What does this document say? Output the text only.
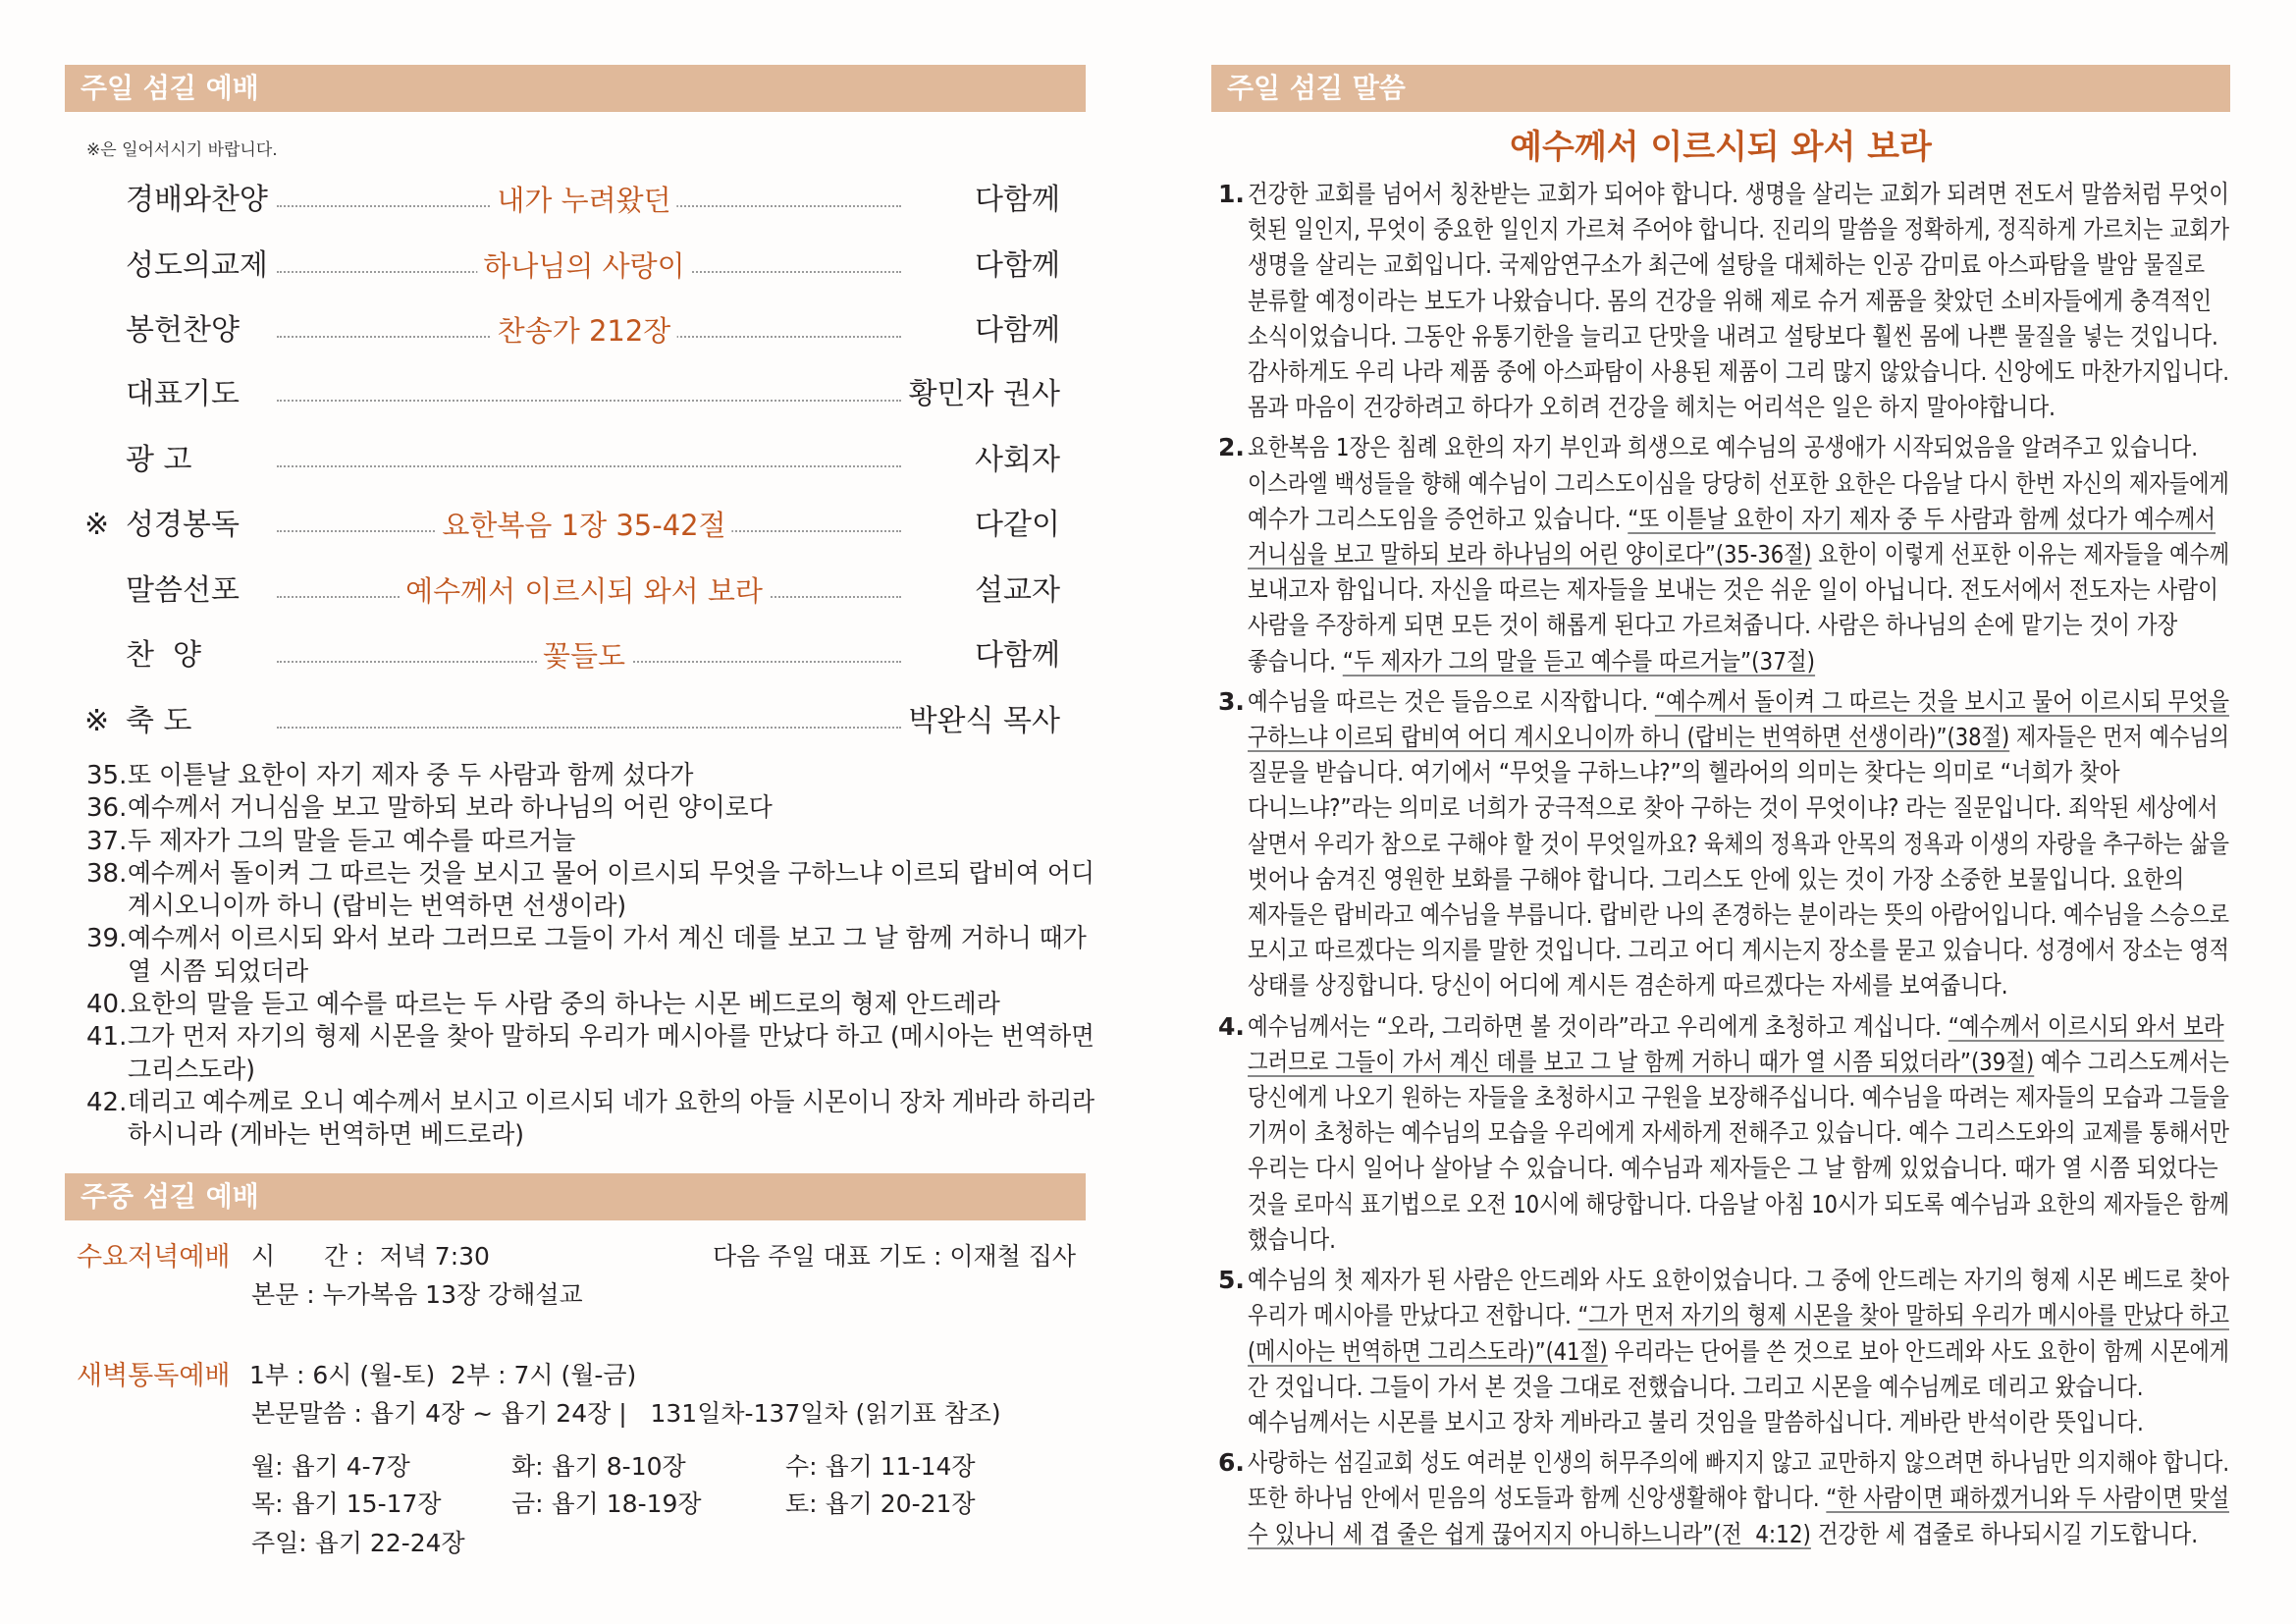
주일 섬길 예배
※은 일어서시기 바랍니다.
경배와찬양	내가 누려왔던	다함께
성도의교제	하나님의 사랑이	다함께
봉헌찬양	찬송가 212장	다함께
대표기도	황민자 권사
광 고	사회자
※ 성경봉독	요한복음 1장 35-42절	다같이
말씀선포	예수께서 이르시되 와서 보라	설교자
찬  양	꽃들도	다함께
※ 축 도	박완식 목사
35. 또 이튿날 요한이 자기 제자 중 두 사람과 함께 섰다가
36. 예수께서 거니심을 보고 말하되 보라 하나님의 어린 양이로다
37. 두 제자가 그의 말을 듣고 예수를 따르거늘
38. 예수께서 돌이켜 그 따르는 것을 보시고 물어 이르시되 무엇을 구하느냐 이르되 랍비여 어디
계시오니이까 하니 (랍비는 번역하면 선생이라)
39. 예수께서 이르시되 와서 보라 그러므로 그들이 가서 계신 데를 보고 그 날 함께 거하니 때가
열 시쯤 되었더라
40. 요한의 말을 듣고 예수를 따르는 두 사람 중의 하나는 시몬 베드로의 형제 안드레라
41. 그가 먼저 자기의 형제 시몬을 찾아 말하되 우리가 메시아를 만났다 하고 (메시아는 번역하면
그리스도라)
42. 데리고 예수께로 오니 예수께서 보시고 이르시되 네가 요한의 아들 시몬이니 장차 게바라 하리라
하시니라 (게바는 번역하면 베드로라)
주중 섬길 예배
수요저녁예배 시　　간 :  저녁 7:30	다음 주일 대표 기도 : 이재철 집사
본문 : 누가복음 13장 강해설교
새벽통독예배 1부 : 6시 (월-토)  2부 : 7시 (월-금)
본문말씀 : 욥기 4장 ~ 욥기 24장 |   131일차-137일차 (읽기표 참조)
월: 욥기 4-7장	화: 욥기 8-10장	수: 욥기 11-14장
목: 욥기 15-17장	금: 욥기 18-19장	토: 욥기 20-21장
주일: 욥기 22-24장
주일 섬길 말씀
예수께서 이르시되 와서 보라
1. 건강한 교회를 넘어서 칭찬받는 교회가 되어야 합니다. 생명을 살리는 교회가 되려면 전도서 말씀처럼 무엇이
헛된 일인지, 무엇이 중요한 일인지 가르쳐 주어야 합니다. 진리의 말씀을 정확하게, 정직하게 가르치는 교회가
생명을 살리는 교회입니다. 국제암연구소가 최근에 설탕을 대체하는 인공 감미료 아스파탐을 발암 물질로
분류할 예정이라는 보도가 나왔습니다. 몸의 건강을 위해 제로 슈거 제품을 찾았던 소비자들에게 충격적인
소식이었습니다. 그동안 유통기한을 늘리고 단맛을 내려고 설탕보다 훨씬 몸에 나쁜 물질을 넣는 것입니다.
감사하게도 우리 나라 제품 중에 아스파탐이 사용된 제품이 그리 많지 않았습니다. 신앙에도 마찬가지입니다.
몸과 마음이 건강하려고 하다가 오히려 건강을 헤치는 어리석은 일은 하지 말아야합니다.
2. 요한복음 1장은 침례 요한의 자기 부인과 희생으로 예수님의 공생애가 시작되었음을 알려주고 있습니다.
이스라엘 백성들을 향해 예수님이 그리스도이심을 당당히 선포한 요한은 다음날 다시 한번 자신의 제자들에게
예수가 그리스도임을 증언하고 있습니다. “또 이튿날 요한이 자기 제자 중 두 사람과 함께 섰다가 예수께서
거니심을 보고 말하되 보라 하나님의 어린 양이로다”(35-36절) 요한이 이렇게 선포한 이유는 제자들을 예수께
보내고자 함입니다. 자신을 따르는 제자들을 보내는 것은 쉬운 일이 아닙니다. 전도서에서 전도자는 사람이
사람을 주장하게 되면 모든 것이 해롭게 된다고 가르쳐줍니다. 사람은 하나님의 손에 맡기는 것이 가장
좋습니다. “두 제자가 그의 말을 듣고 예수를 따르거늘”(37절)
3. 예수님을 따르는 것은 들음으로 시작합니다. “예수께서 돌이켜 그 따르는 것을 보시고 물어 이르시되 무엇을
구하느냐 이르되 랍비여 어디 계시오니이까 하니 (랍비는 번역하면 선생이라)”(38절) 제자들은 먼저 예수님의
질문을 받습니다. 여기에서 “무엇을 구하느냐?”의 헬라어의 의미는 찾다는 의미로 “너희가 찾아
다니느냐?”라는 의미로 너희가 궁극적으로 찾아 구하는 것이 무엇이냐? 라는 질문입니다. 죄악된 세상에서
살면서 우리가 참으로 구해야 할 것이 무엇일까요? 육체의 정욕과 안목의 정욕과 이생의 자랑을 추구하는 삶을
벗어나 숨겨진 영원한 보화를 구해야 합니다. 그리스도 안에 있는 것이 가장 소중한 보물입니다. 요한의
제자들은 랍비라고 예수님을 부릅니다. 랍비란 나의 존경하는 분이라는 뜻의 아람어입니다. 예수님을 스승으로
모시고 따르겠다는 의지를 말한 것입니다. 그리고 어디 계시는지 장소를 묻고 있습니다. 성경에서 장소는 영적
상태를 상징합니다. 당신이 어디에 계시든 겸손하게 따르겠다는 자세를 보여줍니다.
4. 예수님께서는 “오라, 그리하면 볼 것이라”라고 우리에게 초청하고 계십니다. “예수께서 이르시되 와서 보라
그러므로 그들이 가서 계신 데를 보고 그 날 함께 거하니 때가 열 시쯤 되었더라”(39절) 예수 그리스도께서는
당신에게 나오기 원하는 자들을 초청하시고 구원을 보장해주십니다. 예수님을 따려는 제자들의 모습과 그들을
기꺼이 초청하는 예수님의 모습을 우리에게 자세하게 전해주고 있습니다. 예수 그리스도와의 교제를 통해서만
우리는 다시 일어나 살아날 수 있습니다. 예수님과 제자들은 그 날 함께 있었습니다. 때가 열 시쯤 되었다는
것을 로마식 표기법으로 오전 10시에 해당합니다. 다음날 아침 10시가 되도록 예수님과 요한의 제자들은 함께
했습니다.
5. 예수님의 첫 제자가 된 사람은 안드레와 사도 요한이었습니다. 그 중에 안드레는 자기의 형제 시몬 베드로 찾아
우리가 메시아를 만났다고 전합니다. “그가 먼저 자기의 형제 시몬을 찾아 말하되 우리가 메시아를 만났다 하고
(메시아는 번역하면 그리스도라)”(41절) 우리라는 단어를 쓴 것으로 보아 안드레와 사도 요한이 함께 시몬에게
간 것입니다. 그들이 가서 본 것을 그대로 전했습니다. 그리고 시몬을 예수님께로 데리고 왔습니다.
예수님께서는 시몬를 보시고 장차 게바라고 불리 것임을 말씀하십니다. 게바란 반석이란 뜻입니다.
6. 사랑하는 섬길교회 성도 여러분 인생의 허무주의에 빠지지 않고 교만하지 않으려면 하나님만 의지해야 합니다.
또한 하나님 안에서 믿음의 성도들과 함께 신앙생활해야 합니다. “한 사람이면 패하겠거니와 두 사람이면 맞설
수 있나니 세 겹 줄은 쉽게 끊어지지 아니하느니라”(전  4:12) 건강한 세 겹줄로 하나되시길 기도합니다.
